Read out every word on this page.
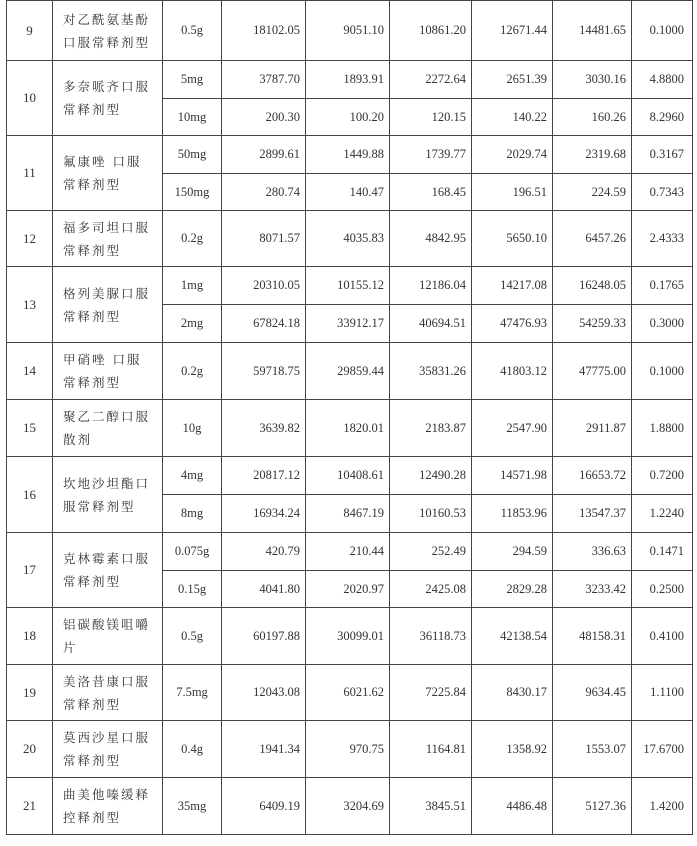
9	对乙酰氨基酚口服常释剂型	0.5g	18102.05	9051.10	10861.20	12671.44	14481.65	0.1000
10	多奈哌齐口服常释剂型	5mg	3787.70	1893.91	2272.64	2651.39	3030.16	4.8800
		10mg	200.30	100.20	120.15	140.22	160.26	8.2960
11	氟康唑 口服常释剂型	50mg	2899.61	1449.88	1739.77	2029.74	2319.68	0.3167
		150mg	280.74	140.47	168.45	196.51	224.59	0.7343
12	福多司坦口服常释剂型	0.2g	8071.57	4035.83	4842.95	5650.10	6457.26	2.4333
13	格列美脲口服常释剂型	1mg	20310.05	10155.12	12186.04	14217.08	16248.05	0.1765
		2mg	67824.18	33912.17	40694.51	47476.93	54259.33	0.3000
14	甲硝唑 口服常释剂型	0.2g	59718.75	29859.44	35831.26	41803.12	47775.00	0.1000
15	聚乙二醇口服散剂	10g	3639.82	1820.01	2183.87	2547.90	2911.87	1.8800
16	坎地沙坦酯口服常释剂型	4mg	20817.12	10408.61	12490.28	14571.98	16653.72	0.7200
		8mg	16934.24	8467.19	10160.53	11853.96	13547.37	1.2240
17	克林霉素口服常释剂型	0.075g	420.79	210.44	252.49	294.59	336.63	0.1471
		0.15g	4041.80	2020.97	2425.08	2829.28	3233.42	0.2500
18	铝碳酸镁咀嚼片	0.5g	60197.88	30099.01	36118.73	42138.54	48158.31	0.4100
19	美洛昔康口服常释剂型	7.5mg	12043.08	6021.62	7225.84	8430.17	9634.45	1.1100
20	莫西沙星口服常释剂型	0.4g	1941.34	970.75	1164.81	1358.92	1553.07	17.6700
21	曲美他嗪缓释控释剂型	35mg	6409.19	3204.69	3845.51	4486.48	5127.36	1.4200
